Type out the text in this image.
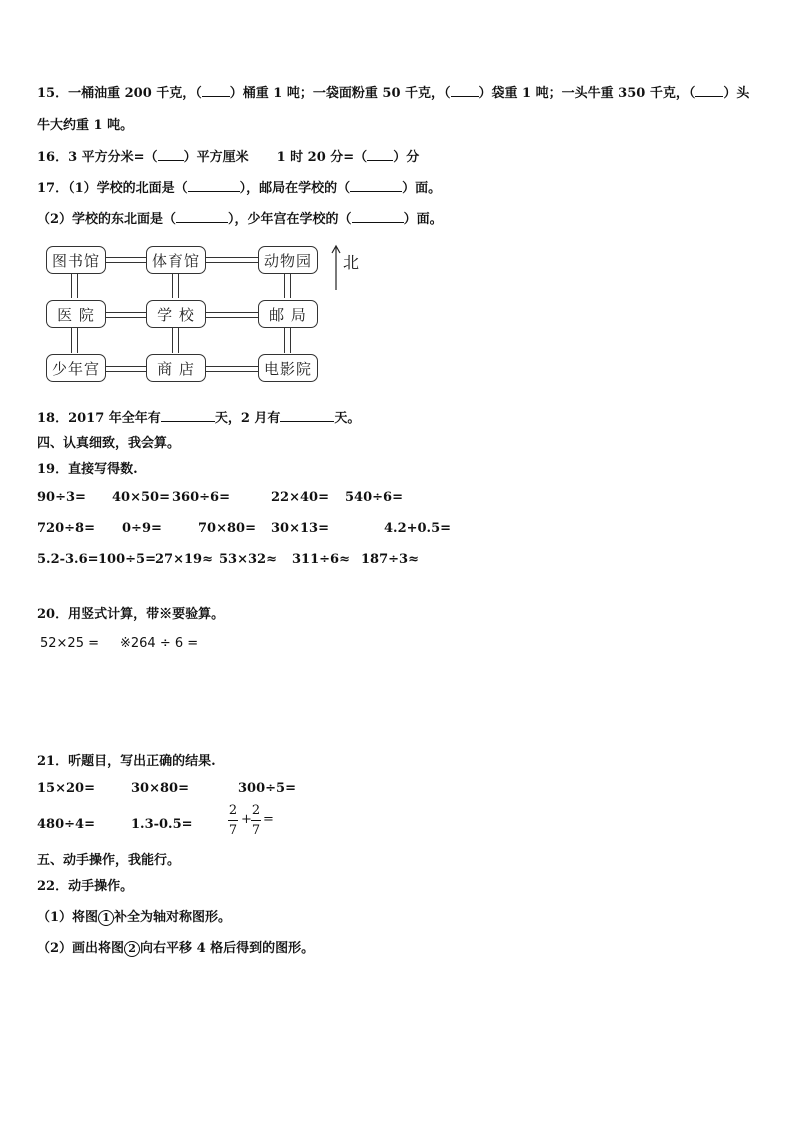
15．一桶油重 200 千克，（ ）桶重 1 吨；一袋面粉重 50 千克，（ ）袋重 1 吨；一头牛重 350 千克，（ ）头
牛大约重 1 吨。
16．3 平方分米=（ ）平方厘米 1 时 20 分=（ ）分
17．（1）学校的北面是（	），邮局在学校的（	）面。
（2）学校的东北面是（	），少年宫在学校的（	）面。
图书馆	体育馆	动物园
医 院	学 校	邮 局
少年宫	商 店	电影院
北
18．2017 年全年有	天，2 月有	天。
四、认真细致，我会算。
19．直接写得数.
90÷3= 40×50= 360÷6=	22×40= 540÷6=
720÷8= 0÷9=	70×80= 30×13=	4.2+0.5=
5.2-3.6= 100÷5= 27×19≈ 53×32≈ 311÷6≈ 187÷3≈
20．用竖式计算，带※要验算。
52×25 = ※264 ÷ 6 =
21．听题目，写出正确的结果.
15×20=	30×80=	300÷5=
480÷4=	1.3-0.5=
2
7
+
2
7
=
五、动手操作，我能行。
22．动手操作。
（1）将图 1 补全为轴对称图形。
（2）画出将图 2 向右平移 4 格后得到的图形。
